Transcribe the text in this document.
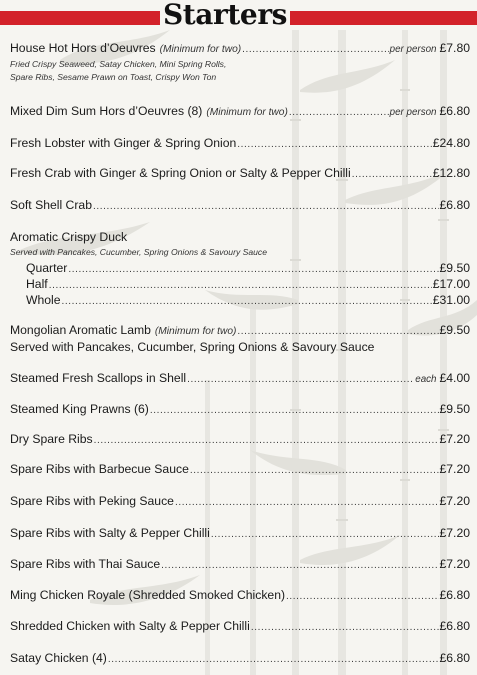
Starters
House Hot Hors d’Oeuvres (Minimum for two) .....	per person £7.80
Fried Crispy Seaweed, Satay Chicken, Mini Spring Rolls,
Spare Ribs, Sesame Prawn on Toast, Crispy Won Ton
Mixed Dim Sum Hors d’Oeuvres (8) (Minimum for two) .....	per person £6.80
Fresh Lobster with Ginger & Spring Onion .....	£24.80
Fresh Crab with Ginger & Spring Onion or Salty & Pepper Chilli .....	£12.80
Soft Shell Crab .....	£6.80
Aromatic Crispy Duck
Served with Pancakes, Cucumber, Spring Onions & Savoury Sauce
Quarter .....	£9.50
Half .....	£17.00
Whole .....	£31.00
Mongolian Aromatic Lamb (Minimum for two) .....	£9.50
Served with Pancakes, Cucumber, Spring Onions & Savoury Sauce
Steamed Fresh Scallops in Shell .....	each £4.00
Steamed King Prawns (6) .....	£9.50
Dry Spare Ribs .....	£7.20
Spare Ribs with Barbecue Sauce .....	£7.20
Spare Ribs with Peking Sauce .....	£7.20
Spare Ribs with Salty & Pepper Chilli .....	£7.20
Spare Ribs with Thai Sauce .....	£7.20
Ming Chicken Royale (Shredded Smoked Chicken) .....	£6.80
Shredded Chicken with Salty & Pepper Chilli .....	£6.80
Satay Chicken (4) .....	£6.80
